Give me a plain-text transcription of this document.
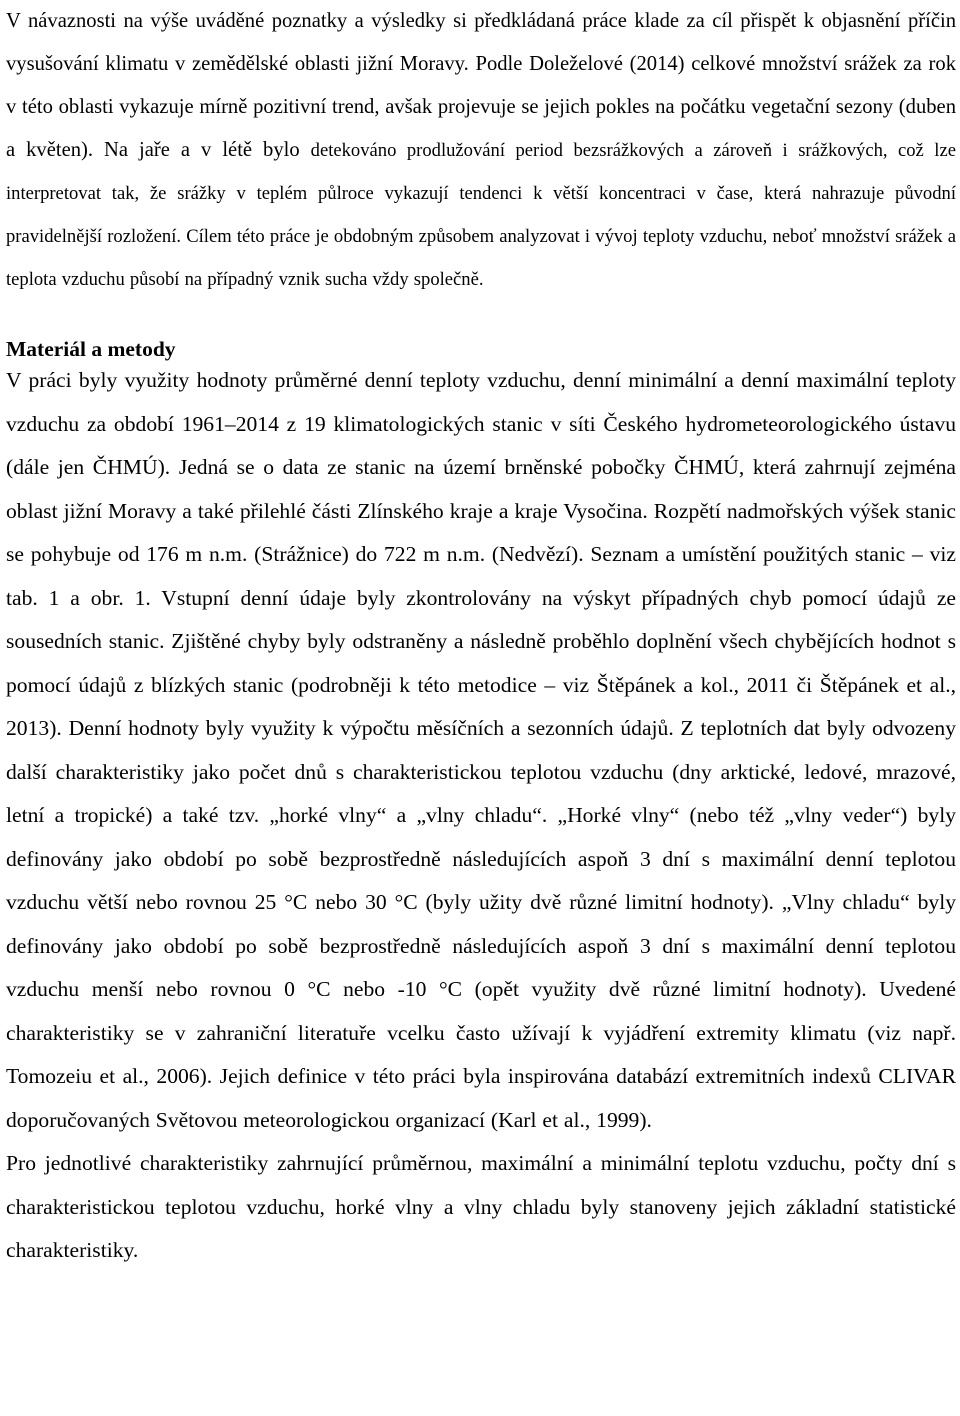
V návaznosti na výše uváděné poznatky a výsledky si předkládaná práce klade za cíl přispět k objasnění příčin vysušování klimatu v zemědělské oblasti jižní Moravy. Podle Doleželové (2014) celkové množství srážek za rok v této oblasti vykazuje mírně pozitivní trend, avšak projevuje se jejich pokles na počátku vegetační sezony (duben a květen). Na jaře a v létě bylo detekováno prodlužování period bezsrážkových a zároveň i srážkových, což lze interpretovat tak, že srážky v teplém půlroce vykazují tendenci k větší koncentraci v čase, která nahrazuje původní pravidelnější rozložení. Cílem této práce je obdobným způsobem analyzovat i vývoj teploty vzduchu, neboť množství srážek a teplota vzduchu působí na případný vznik sucha vždy společně.

Materiál a metody

V práci byly využity hodnoty průměrné denní teploty vzduchu, denní minimální a denní maximální teploty vzduchu za období 1961‒2014 z 19 klimatologických stanic v síti Českého hydrometeorologického ústavu (dále jen ČHMÚ). Jedná se o data ze stanic na území brněnské pobočky ČHMÚ, která zahrnují zejména oblast jižní Moravy a také přilehlé části Zlínského kraje a kraje Vysočina. Rozpětí nadmořských výšek stanic se pohybuje od 176 m n.m. (Strážnice) do 722 m n.m. (Nedvězí). Seznam a umístění použitých stanic – viz tab. 1 a obr. 1. Vstupní denní údaje byly zkontrolovány na výskyt případných chyb pomocí údajů ze sousedních stanic. Zjištěné chyby byly odstraněny a následně proběhlo doplnění všech chybějících hodnot s pomocí údajů z blízkých stanic (podrobněji k této metodice – viz Štěpánek a kol., 2011 či Štěpánek et al., 2013). Denní hodnoty byly využity k výpočtu měsíčních a sezonních údajů. Z teplotních dat byly odvozeny další charakteristiky jako počet dnů s charakteristickou teplotou vzduchu (dny arktické, ledové, mrazové, letní a tropické) a také tzv. „horké vlny“ a „vlny chladu“. „Horké vlny“ (nebo též „vlny veder“) byly definovány jako období po sobě bezprostředně následujících aspoň 3 dní s maximální denní teplotou vzduchu větší nebo rovnou 25 °C nebo 30 °C (byly užity dvě různé limitní hodnoty). „Vlny chladu“ byly definovány jako období po sobě bezprostředně následujících aspoň 3 dní s maximální denní teplotou vzduchu menší nebo rovnou 0 °C nebo -10 °C (opět využity dvě různé limitní hodnoty). Uvedené charakteristiky se v zahraniční literatuře vcelku často užívají k vyjádření extremity klimatu (viz např. Tomozeiu et al., 2006). Jejich definice v této práci byla inspirována databází extremitních indexů CLIVAR doporučovaných Světovou meteorologickou organizací (Karl et al., 1999).

Pro jednotlivé charakteristiky zahrnující průměrnou, maximální a minimální teplotu vzduchu, počty dní s charakteristickou teplotou vzduchu, horké vlny a vlny chladu byly stanoveny jejich základní statistické charakteristiky.
